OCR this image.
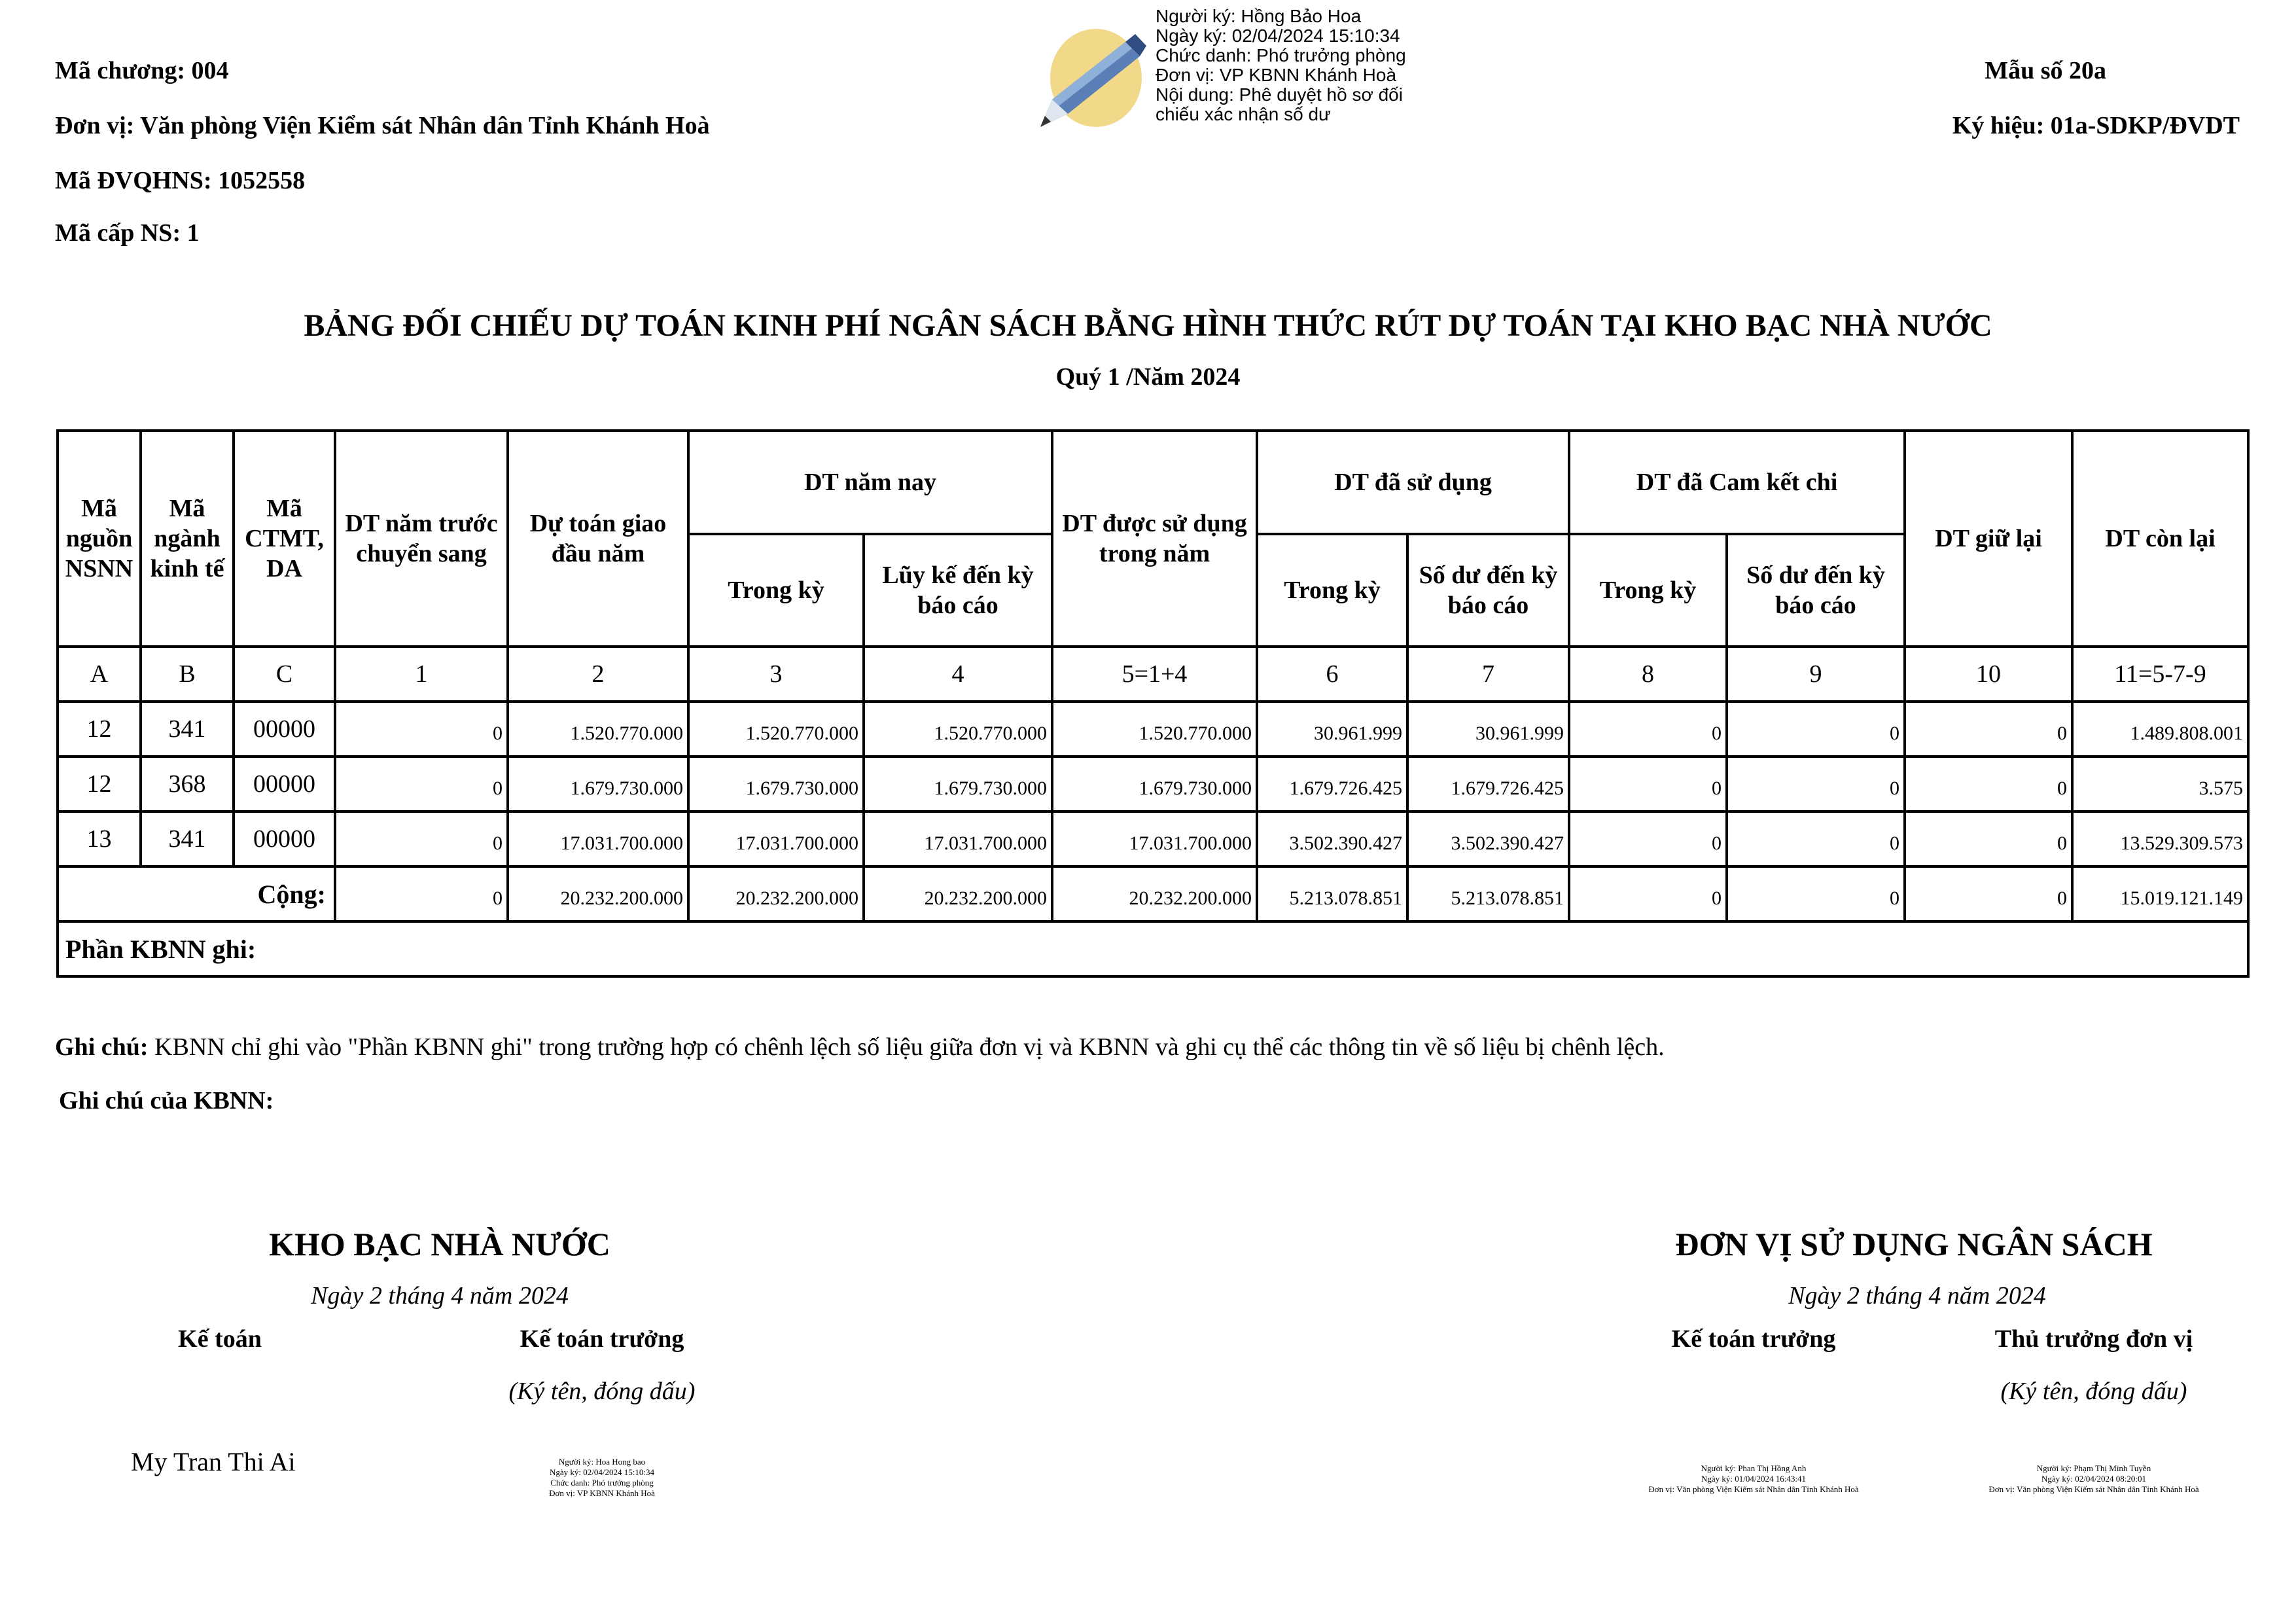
Mã chương: 004
Đơn vị: Văn phòng Viện Kiểm sát Nhân dân Tỉnh Khánh Hoà
Mã ĐVQHNS: 1052558
Mã cấp NS: 1
Mẫu số 20a
Ký hiệu: 01a-SDKP/ĐVDT
Người ký: Hồng Bảo Hoa
Ngày ký: 02/04/2024 15:10:34
Chức danh: Phó trưởng phòng
Đơn vị: VP KBNN Khánh Hoà
Nội dung: Phê duyệt hồ sơ đối
chiếu xác nhận số dư
BẢNG ĐỐI CHIẾU DỰ TOÁN KINH PHÍ NGÂN SÁCH BẰNG HÌNH THỨC RÚT DỰ TOÁN TẠI KHO BẠC NHÀ NƯỚC
Quý 1 /Năm 2024
Mã nguồn NSNN	Mã ngành kinh tế	Mã CTMT, DA	DT năm trước chuyển sang	Dự toán giao đầu năm	DT năm nay		DT được sử dụng trong năm	DT đã sử dụng		DT đã Cam kết chi		DT giữ lại	DT còn lại
					Trong kỳ	Lũy kế đến kỳ báo cáo		Trong kỳ	Số dư đến kỳ báo cáo	Trong kỳ	Số dư đến kỳ báo cáo		
A	B	C	1	2	3	4	5=1+4	6	7	8	9	10	11=5-7-9
12	341	00000	0	1.520.770.000	1.520.770.000	1.520.770.000	1.520.770.000	30.961.999	30.961.999	0	0	0	1.489.808.001
12	368	00000	0	1.679.730.000	1.679.730.000	1.679.730.000	1.679.730.000	1.679.726.425	1.679.726.425	0	0	0	3.575
13	341	00000	0	17.031.700.000	17.031.700.000	17.031.700.000	17.031.700.000	3.502.390.427	3.502.390.427	0	0	0	13.529.309.573
Cộng:			0	20.232.200.000	20.232.200.000	20.232.200.000	20.232.200.000	5.213.078.851	5.213.078.851	0	0	0	15.019.121.149
Phần KBNN ghi:													
Ghi chú: KBNN chỉ ghi vào "Phần KBNN ghi" trong trường hợp có chênh lệch số liệu giữa đơn vị và KBNN và ghi cụ thể các thông tin về số liệu bị chênh lệch.
Ghi chú của KBNN:
KHO BẠC NHÀ NƯỚC
Ngày 2 tháng 4 năm 2024
Kế toán	Kế toán trưởng
(Ký tên, đóng dấu)
My Tran Thi Ai	Người ký: Hoa Hong bao
Ngày ký: 02/04/2024 15:10:34
Chức danh: Phó trưởng phòng
Đơn vị: VP KBNN Khánh Hoà
ĐƠN VỊ SỬ DỤNG NGÂN SÁCH
Ngày 2 tháng 4 năm 2024
Kế toán trưởng	Thủ trưởng đơn vị
(Ký tên, đóng dấu)
Người ký: Phan Thị Hồng Anh
Ngày ký: 01/04/2024 16:43:41
Đơn vị: Văn phòng Viện Kiểm sát Nhân dân Tỉnh Khánh Hoà
Người ký: Phạm Thị Minh Tuyền
Ngày ký: 02/04/2024 08:20:01
Đơn vị: Văn phòng Viện Kiểm sát Nhân dân Tỉnh Khánh Hoà
